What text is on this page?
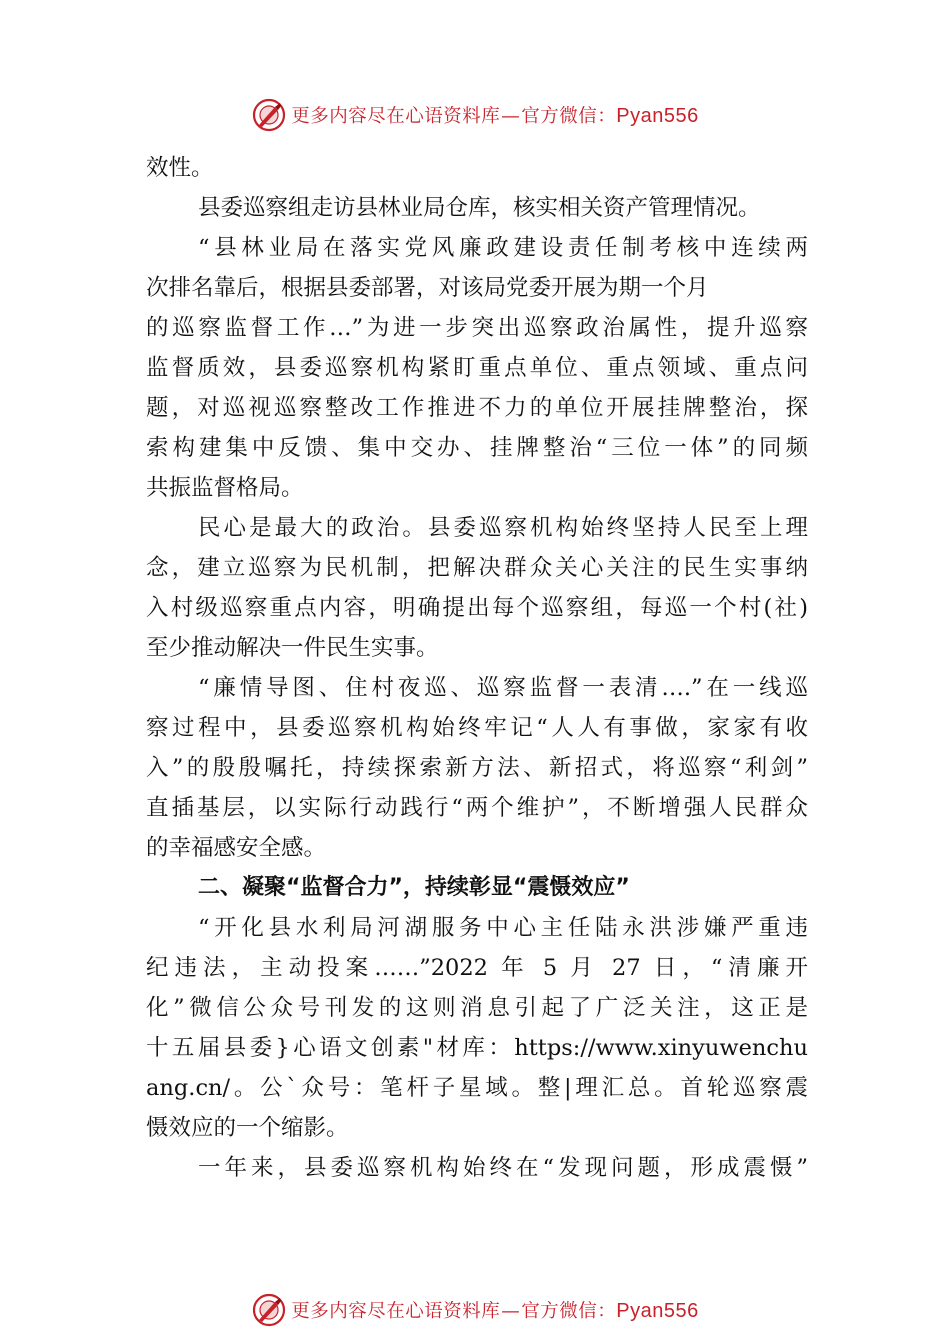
更多内容尽在心语资料库—官方微信：Pyan556
效性。
县委巡察组走访县林业局仓库，核实相关资产管理情况。
“县林业局在落实党风廉政建设责任制考核中连续两
次排名靠后，根据县委部署，对该局党委开展为期一个月
的巡察监督工作…”为进一步突出巡察政治属性，提升巡察
监督质效，县委巡察机构紧盯重点单位、重点领域、重点问
题，对巡视巡察整改工作推进不力的单位开展挂牌整治，探
索构建集中反馈、集中交办、挂牌整治“三位一体”的同频
共振监督格局。
民心是最大的政治。县委巡察机构始终坚持人民至上理
念，建立巡察为民机制，把解决群众关心关注的民生实事纳
入村级巡察重点内容，明确提出每个巡察组，每巡一个村(社)
至少推动解决一件民生实事。
“廉情导图、住村夜巡、巡察监督一表清….”在一线巡
察过程中，县委巡察机构始终牢记“人人有事做，家家有收
入”的殷殷嘱托，持续探索新方法、新招式，将巡察“利剑”
直插基层，以实际行动践行“两个维护”，不断增强人民群众
的幸福感安全感。
二、凝聚“监督合力”，持续彰显“震慑效应”
“开化县水利局河湖服务中心主任陆永洪涉嫌严重违
纪违法，主动投案……”2022 年 5 月 27 日，“清廉开
化”微信公众号刊发的这则消息引起了广泛关注，这正是
十五届县委}心语文创素"材库：https://www.xinyuwenchu
ang.cn/。公`众号：笔杆子星域。整|理汇总。首轮巡察震
慑效应的一个缩影。
一年来，县委巡察机构始终在“发现问题，形成震慑”
更多内容尽在心语资料库—官方微信：Pyan556
